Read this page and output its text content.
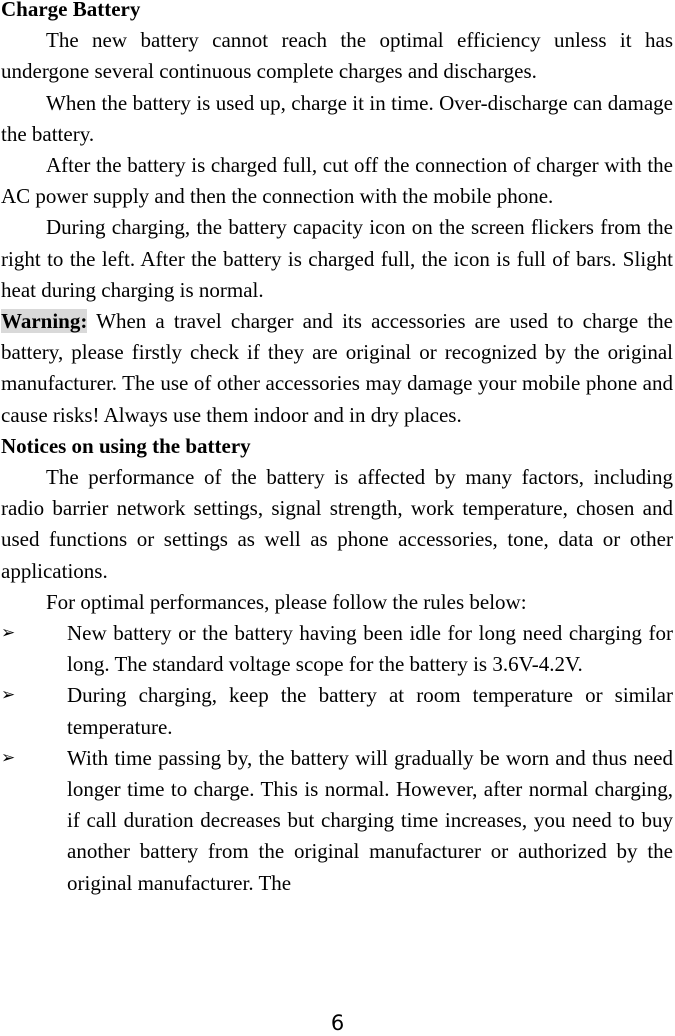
Charge Battery

The new battery cannot reach the optimal efficiency unless it has undergone several continuous complete charges and discharges.

When the battery is used up, charge it in time. Over-discharge can damage the battery.

After the battery is charged full, cut off the connection of charger with the AC power supply and then the connection with the mobile phone.

During charging, the battery capacity icon on the screen flickers from the right to the left. After the battery is charged full, the icon is full of bars. Slight heat during charging is normal.

Warning: When a travel charger and its accessories are used to charge the battery, please firstly check if they are original or recognized by the original manufacturer. The use of other accessories may damage your mobile phone and cause risks! Always use them indoor and in dry places.

Notices on using the battery

The performance of the battery is affected by many factors, including radio barrier network settings, signal strength, work temperature, chosen and used functions or settings as well as phone accessories, tone, data or other applications.

For optimal performances, please follow the rules below:

➢ New battery or the battery having been idle for long need charging for long. The standard voltage scope for the battery is 3.6V-4.2V.
➢ During charging, keep the battery at room temperature or similar temperature.
➢ With time passing by, the battery will gradually be worn and thus need longer time to charge. This is normal. However, after normal charging, if call duration decreases but charging time increases, you need to buy another battery from the original manufacturer or authorized by the original manufacturer. The
6
